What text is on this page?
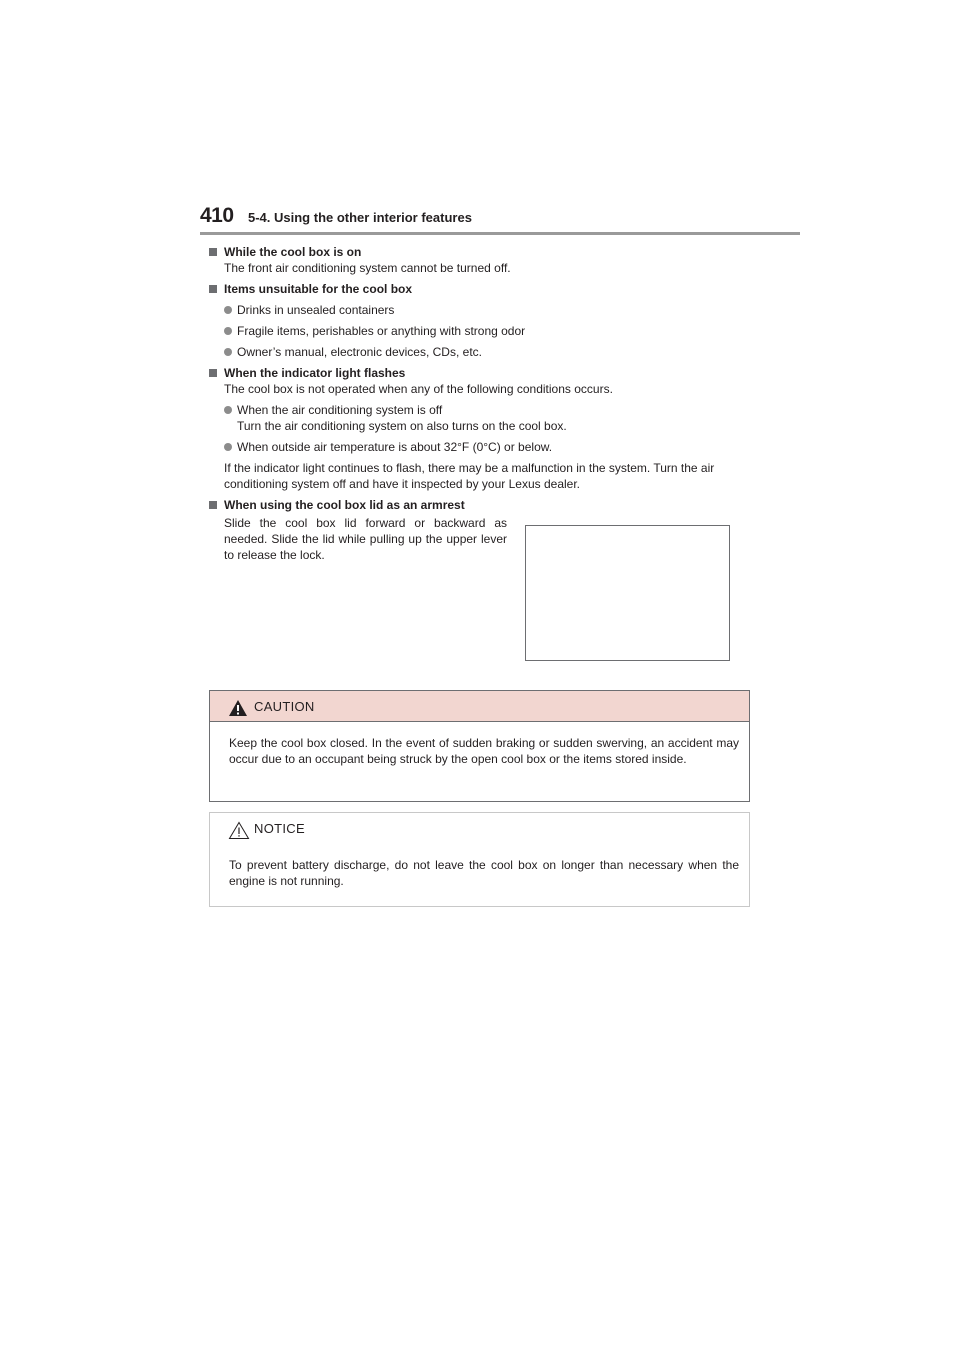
410 5-4. Using the other interior features
While the cool box is on
The front air conditioning system cannot be turned off.
Items unsuitable for the cool box
Drinks in unsealed containers
Fragile items, perishables or anything with strong odor
Owner’s manual, electronic devices, CDs, etc.
When the indicator light flashes
The cool box is not operated when any of the following conditions occurs.
When the air conditioning system is off
Turn the air conditioning system on also turns on the cool box.
When outside air temperature is about 32°F (0°C) or below.
If the indicator light continues to flash, there may be a malfunction in the system. Turn the air conditioning system off and have it inspected by your Lexus dealer.
When using the cool box lid as an armrest
Slide the cool box lid forward or backward as needed. Slide the lid while pulling up the upper lever to release the lock.
CAUTION
Keep the cool box closed. In the event of sudden braking or sudden swerving, an accident may occur due to an occupant being struck by the open cool box or the items stored inside.
NOTICE
To prevent battery discharge, do not leave the cool box on longer than necessary when the engine is not running.
